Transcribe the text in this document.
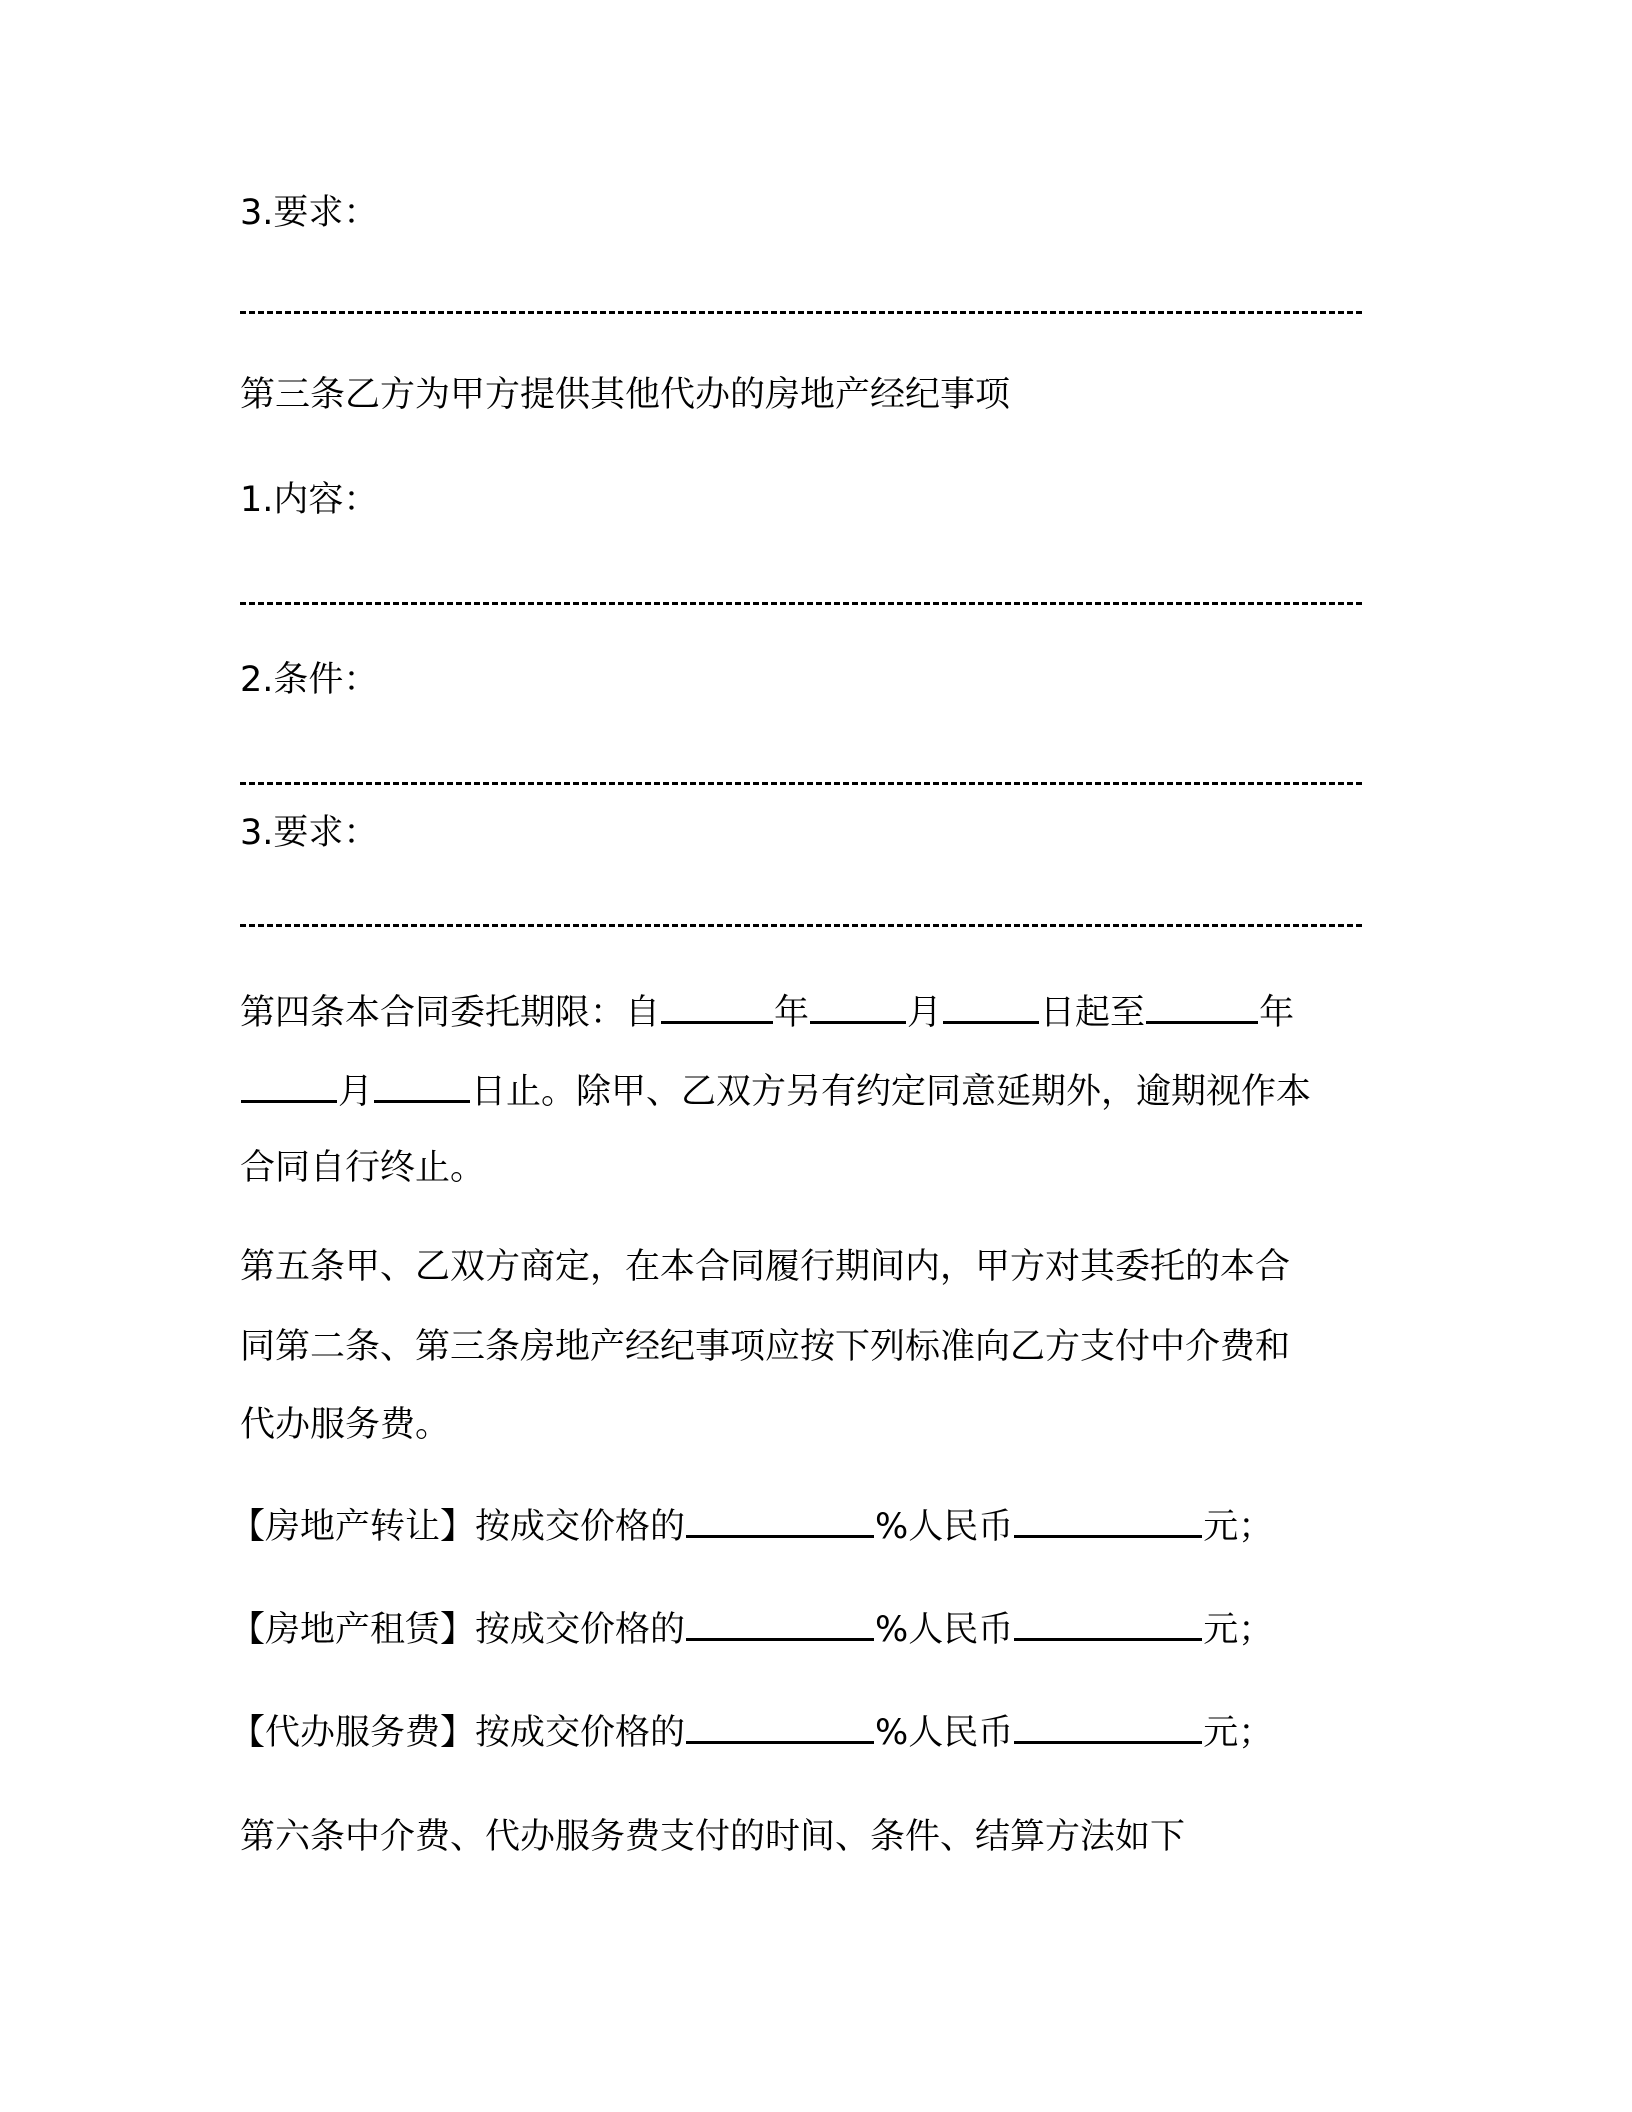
3.要求：
第三条乙方为甲方提供其他代办的房地产经纪事项
1.内容：
2.条件：
3.要求：
第四条本合同委托期限：自	年	月	日起至	年
月	日止。除甲、乙双方另有约定同意延期外，逾期视作本
合同自行终止。
第五条甲、乙双方商定，在本合同履行期间内，甲方对其委托的本合
同第二条、第三条房地产经纪事项应按下列标准向乙方支付中介费和
代办服务费。
【房地产转让】按成交价格的	%人民币	元；
【房地产租赁】按成交价格的	%人民币	元；
【代办服务费】按成交价格的	%人民币	元；
第六条中介费、代办服务费支付的时间、条件、结算方法如下
